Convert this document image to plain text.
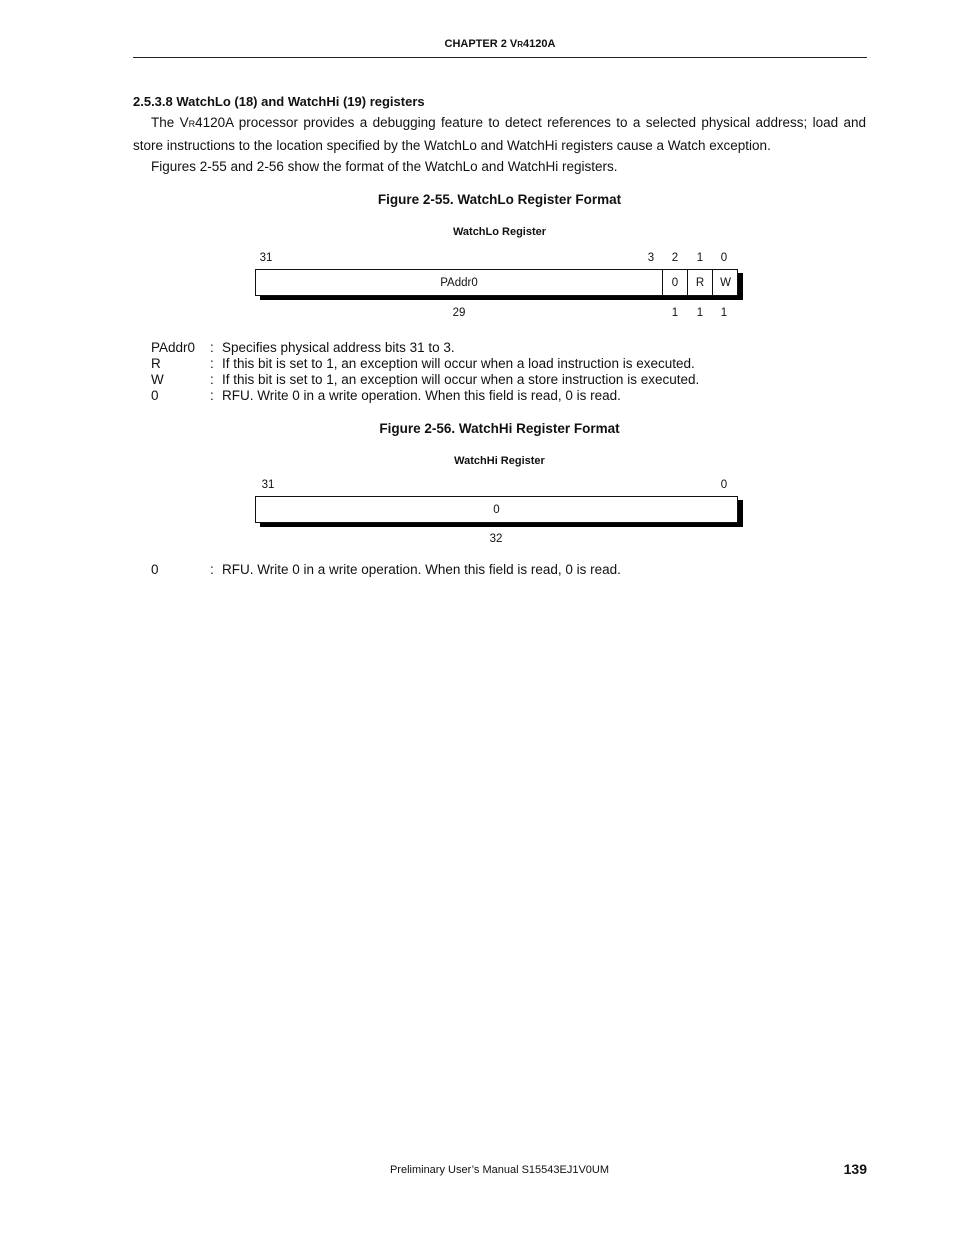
CHAPTER 2 VR4120A
2.5.3.8 WatchLo (18) and WatchHi (19) registers
The VR4120A processor provides a debugging feature to detect references to a selected physical address; load and store instructions to the location specified by the WatchLo and WatchHi registers cause a Watch exception.
Figures 2-55 and 2-56 show the format of the WatchLo and WatchHi registers.
Figure 2-55. WatchLo Register Format
WatchLo Register
31	3 2 1 0
PAddr0	0	R	W
29	1 1 1
PAddr0 : Specifies physical address bits 31 to 3.
R	: If this bit is set to 1, an exception will occur when a load instruction is executed.
W	: If this bit is set to 1, an exception will occur when a store instruction is executed.
0	: RFU. Write 0 in a write operation. When this field is read, 0 is read.
Figure 2-56. WatchHi Register Format
WatchHi Register
31	0
0
32
0	: RFU. Write 0 in a write operation. When this field is read, 0 is read.
Preliminary User’s Manual S15543EJ1V0UM	139
